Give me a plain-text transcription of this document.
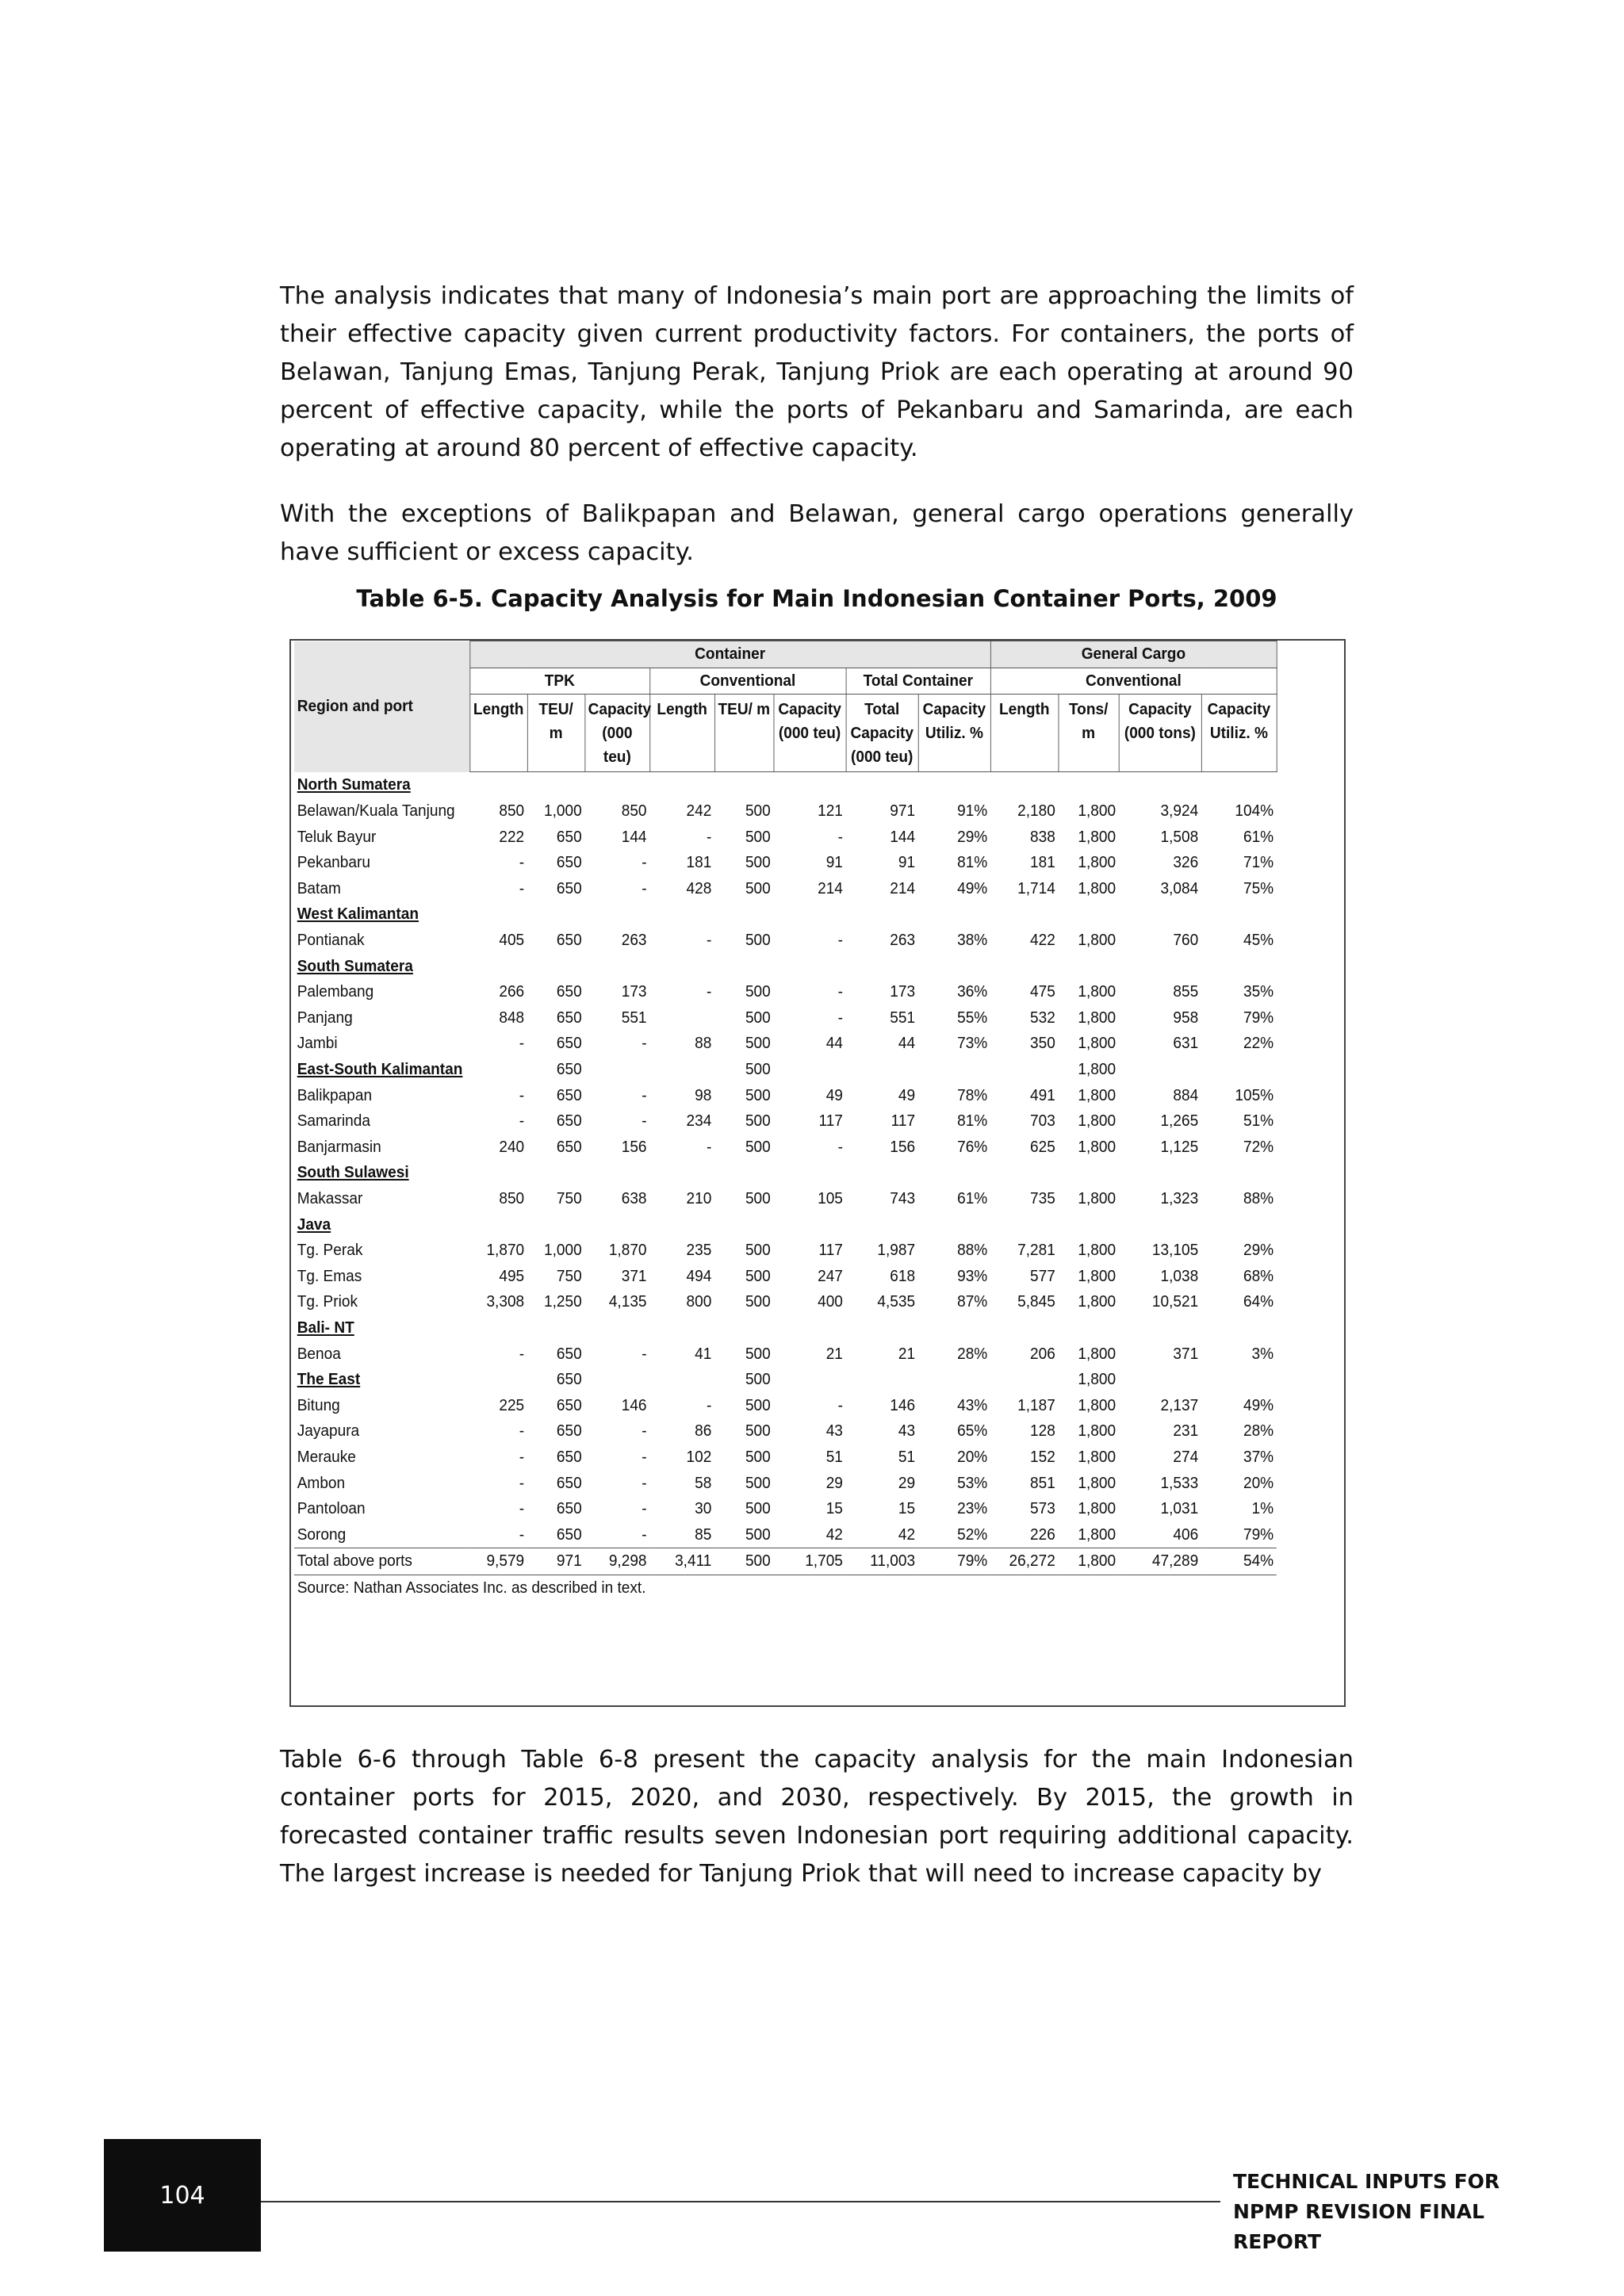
The analysis indicates that many of Indonesia’s main port are approaching the limits of their effective capacity given current productivity factors. For containers, the ports of Belawan, Tanjung Emas, Tanjung Perak, Tanjung Priok are each operating at around 90 percent of effective capacity, while the ports of Pekanbaru and Samarinda, are each operating at around 80 percent of effective capacity.

With the exceptions of Balikpapan and Belawan, general cargo operations generally have sufficient or excess capacity.

Table 6-5. Capacity Analysis for Main Indonesian Container Ports, 2009
Region and port	Container								General Cargo			
	TPK			Conventional			Total Container		Conventional			
	Length	TEU/ m	Capacity (000 teu)	Length	TEU/ m	Capacity (000 teu)	Total Capacity (000 teu)	Capacity Utiliz. %	Length	Tons/ m	Capacity (000 tons)	Capacity Utiliz. %
North Sumatera												
Belawan/Kuala Tanjung	850	1,000	850	242	500	121	971	91%	2,180	1,800	3,924	104%
Teluk Bayur	222	650	144	-	500	-	144	29%	838	1,800	1,508	61%
Pekanbaru	-	650	-	181	500	91	91	81%	181	1,800	326	71%
Batam	-	650	-	428	500	214	214	49%	1,714	1,800	3,084	75%
West Kalimantan												
Pontianak	405	650	263	-	500	-	263	38%	422	1,800	760	45%
South Sumatera												
Palembang	266	650	173	-	500	-	173	36%	475	1,800	855	35%
Panjang	848	650	551		500	-	551	55%	532	1,800	958	79%
Jambi	-	650	-	88	500	44	44	73%	350	1,800	631	22%
East-South Kalimantan		650			500					1,800		
Balikpapan	-	650	-	98	500	49	49	78%	491	1,800	884	105%
Samarinda	-	650	-	234	500	117	117	81%	703	1,800	1,265	51%
Banjarmasin	240	650	156	-	500	-	156	76%	625	1,800	1,125	72%
South Sulawesi												
Makassar	850	750	638	210	500	105	743	61%	735	1,800	1,323	88%
Java												
Tg. Perak	1,870	1,000	1,870	235	500	117	1,987	88%	7,281	1,800	13,105	29%
Tg. Emas	495	750	371	494	500	247	618	93%	577	1,800	1,038	68%
Tg. Priok	3,308	1,250	4,135	800	500	400	4,535	87%	5,845	1,800	10,521	64%
Bali- NT												
Benoa	-	650	-	41	500	21	21	28%	206	1,800	371	3%
The East		650			500					1,800		
Bitung	225	650	146	-	500	-	146	43%	1,187	1,800	2,137	49%
Jayapura	-	650	-	86	500	43	43	65%	128	1,800	231	28%
Merauke	-	650	-	102	500	51	51	20%	152	1,800	274	37%
Ambon	-	650	-	58	500	29	29	53%	851	1,800	1,533	20%
Pantoloan	-	650	-	30	500	15	15	23%	573	1,800	1,031	1%
Sorong	-	650	-	85	500	42	42	52%	226	1,800	406	79%
Total above ports	9,579	971	9,298	3,411	500	1,705	11,003	79%	26,272	1,800	47,289	54%
Source: Nathan Associates Inc. as described in text.												

Table 6-6 through Table 6-8 present the capacity analysis for the main Indonesian container ports for 2015, 2020, and 2030, respectively. By 2015, the growth in forecasted container traffic results seven Indonesian port requiring additional capacity. The largest increase is needed for Tanjung Priok that will need to increase capacity by

104	TECHNICAL INPUTS FOR
NPMP REVISION FINAL REPORT
